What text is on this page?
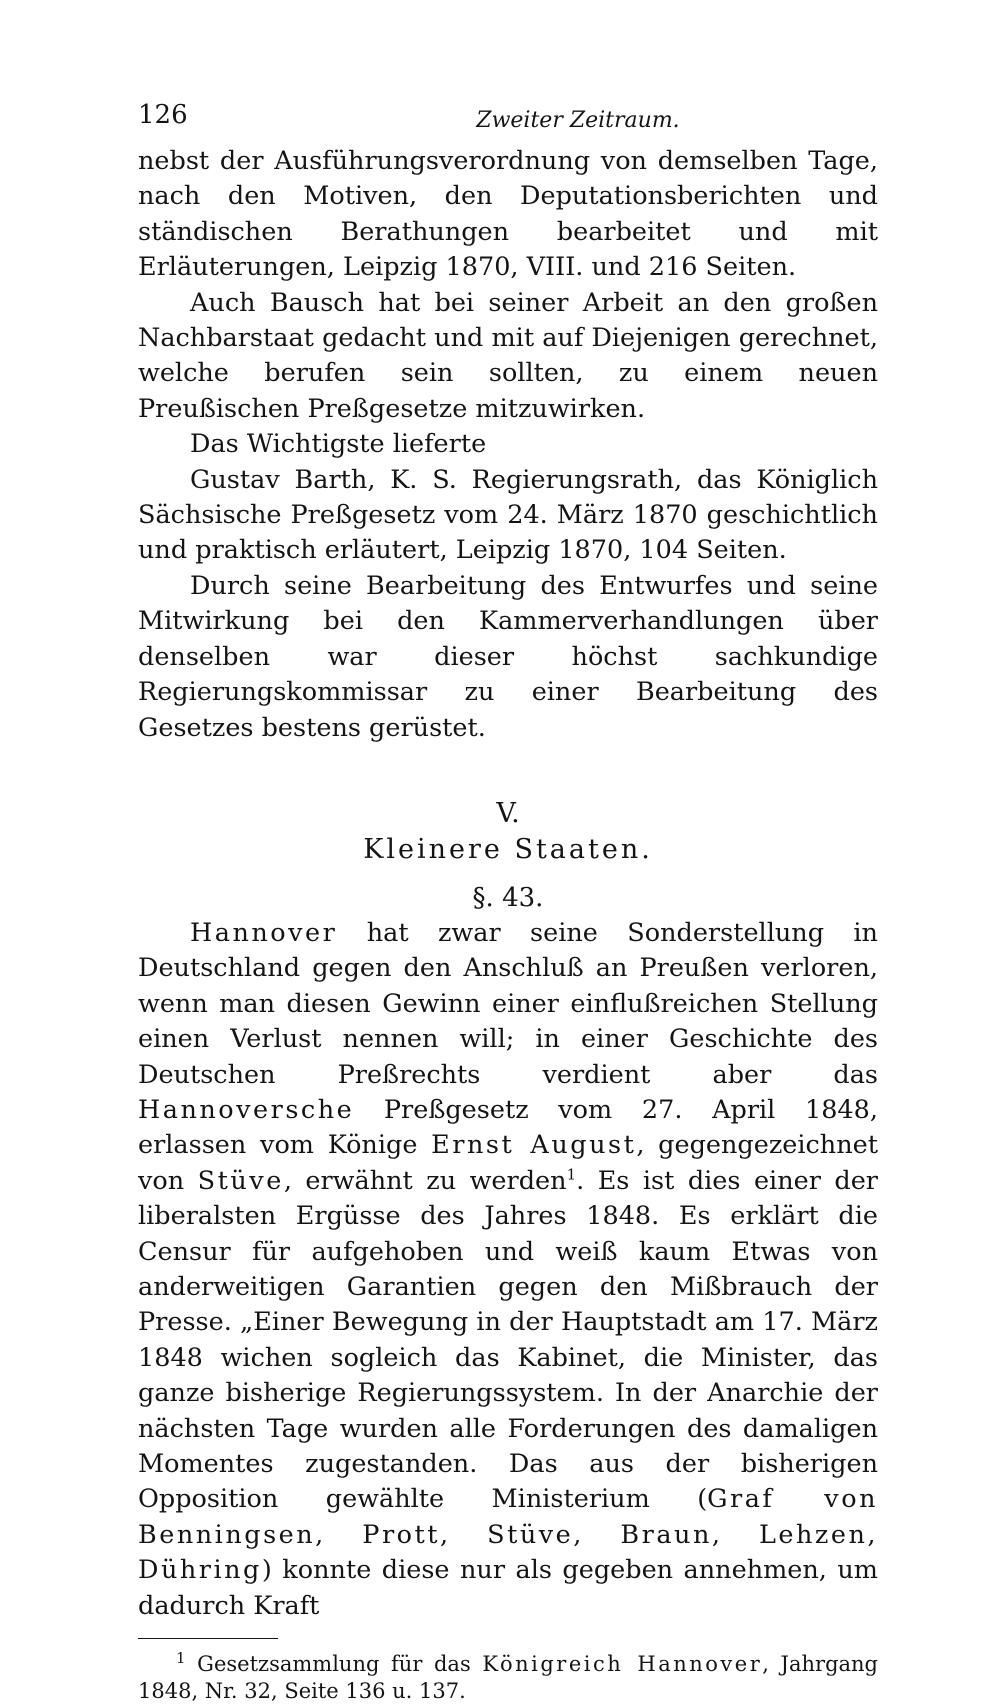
126	Zweiter Zeitraum.

nebst der Ausführungsverordnung von demselben Tage, nach den Motiven, den Deputationsberichten und ständischen Berathungen bearbeitet und mit Erläuterungen, Leipzig 1870, VIII. und 216 Seiten.

Auch Bausch hat bei seiner Arbeit an den großen Nachbarstaat gedacht und mit auf Diejenigen gerechnet, welche berufen sein sollten, zu einem neuen Preußischen Preßgesetze mitzuwirken.

Das Wichtigste lieferte

Gustav Barth, K. S. Regierungsrath, das Königlich Sächsische Preßgesetz vom 24. März 1870 geschichtlich und praktisch erläutert, Leipzig 1870, 104 Seiten.

Durch seine Bearbeitung des Entwurfes und seine Mitwirkung bei den Kammerverhandlungen über denselben war dieser höchst sachkundige Regierungskommissar zu einer Bearbeitung des Gesetzes bestens gerüstet.

V.
Kleinere Staaten.
§. 43.

Hannover hat zwar seine Sonderstellung in Deutschland gegen den Anschluß an Preußen verloren, wenn man diesen Gewinn einer einflußreichen Stellung einen Verlust nennen will; in einer Geschichte des Deutschen Preßrechts verdient aber das Hannoversche Preßgesetz vom 27. April 1848, erlassen vom Könige Ernst August, gegengezeichnet von Stüve, erwähnt zu werden$^1$. Es ist dies einer der liberalsten Ergüsse des Jahres 1848. Es erklärt die Censur für aufgehoben und weiß kaum Etwas von anderweitigen Garantien gegen den Mißbrauch der Presse. „Einer Bewegung in der Hauptstadt am 17. März 1848 wichen sogleich das Kabinet, die Minister, das ganze bisherige Regierungssystem. In der Anarchie der nächsten Tage wurden alle Forderungen des damaligen Momentes zugestanden. Das aus der bisherigen Opposition gewählte Ministerium (Graf von Benningsen, Prott, Stüve, Braun, Lehzen, Dühring) konnte diese nur als gegeben annehmen, um dadurch Kraft

$^1$ Gesetzsammlung für das Königreich Hannover, Jahrgang 1848, Nr. 32, Seite 136 u. 137.
